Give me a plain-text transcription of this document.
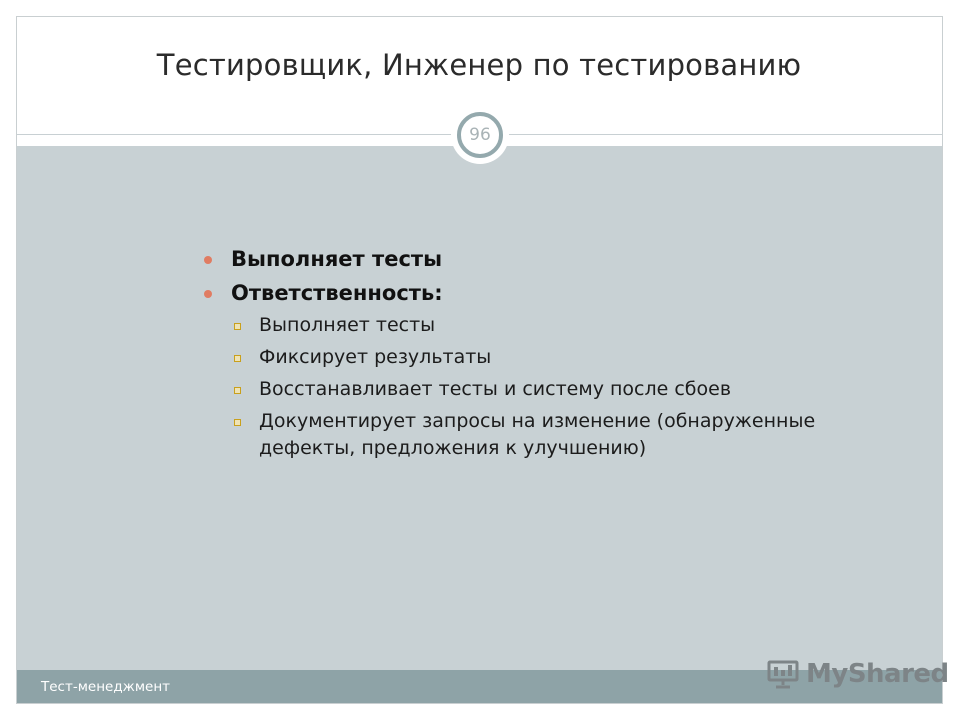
Тестировщик, Инженер по тестированию
96
Выполняет тесты
Ответственность:
Выполняет тесты
Фиксирует результаты
Восстанавливает тесты и систему после сбоев
Документирует запросы на изменение (обнаруженные дефекты, предложения к улучшению)
Тест-менеджмент	MyShared
